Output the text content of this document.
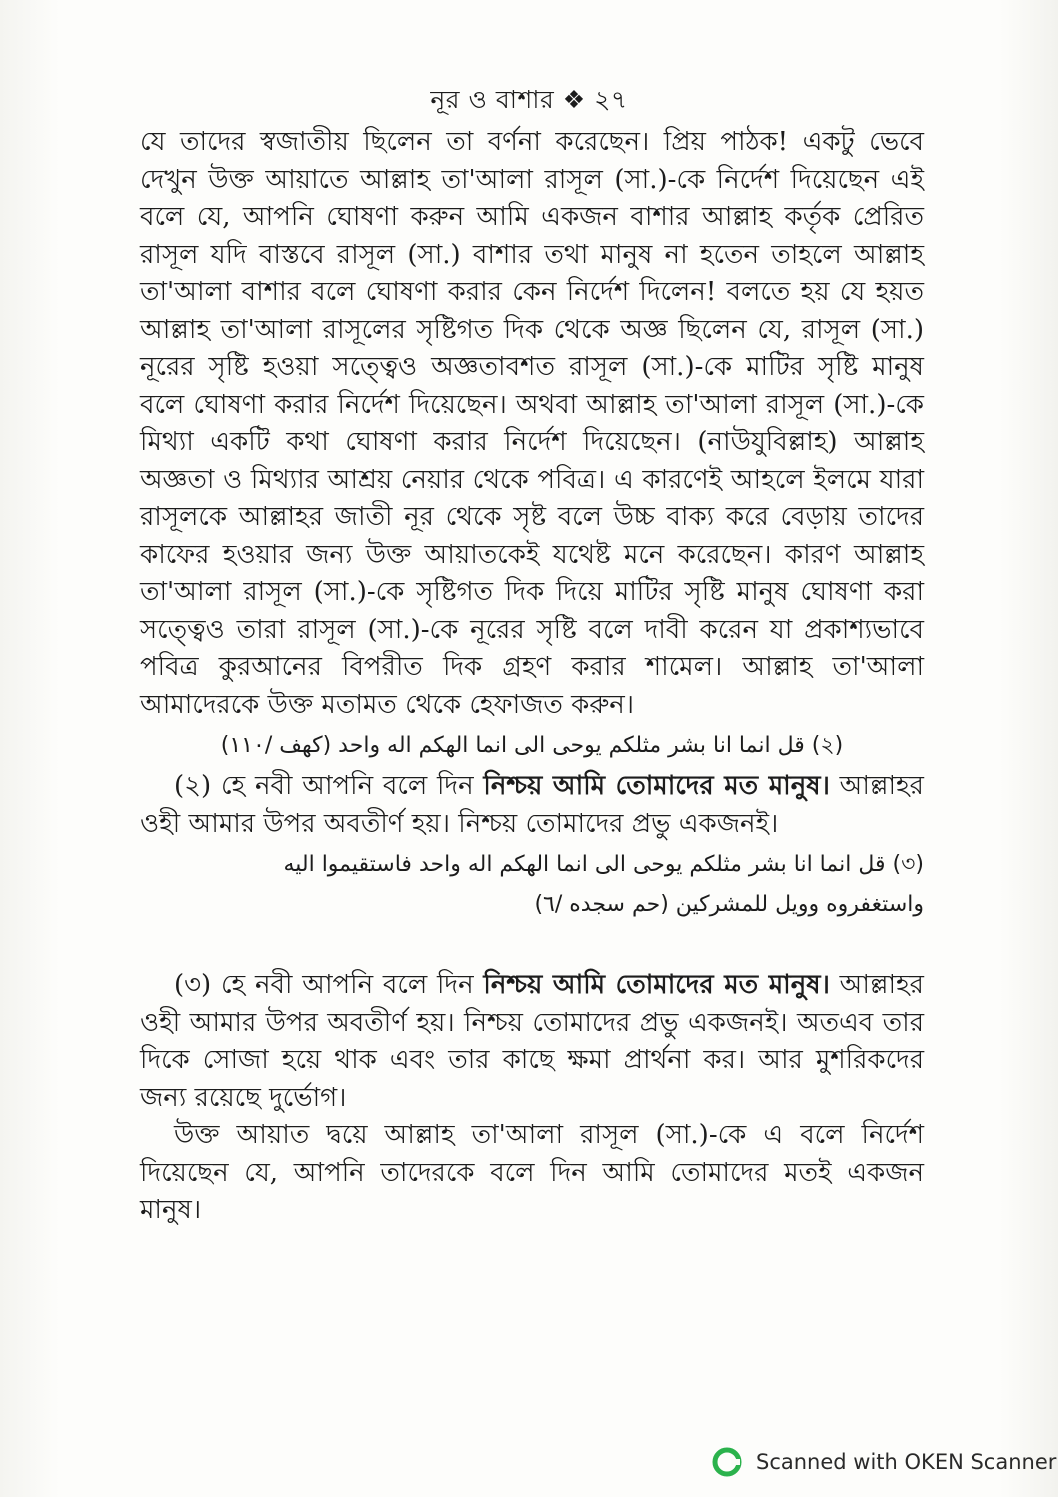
নূর ও বাশার ❖ ২৭

যে তাদের স্বজাতীয় ছিলেন তা বর্ণনা করেছেন। প্রিয় পাঠক! একটু ভেবে দেখুন উক্ত আয়াতে আল্লাহ তা'আলা রাসূল (সা.)-কে নির্দেশ দিয়েছেন এই বলে যে, আপনি ঘোষণা করুন আমি একজন বাশার আল্লাহ কর্তৃক প্রেরিত রাসূল যদি বাস্তবে রাসূল (সা.) বাশার তথা মানুষ না হতেন তাহলে আল্লাহ তা'আলা বাশার বলে ঘোষণা করার কেন নির্দেশ দিলেন! বলতে হয় যে হয়ত আল্লাহ তা'আলা রাসূলের সৃষ্টিগত দিক থেকে অজ্ঞ ছিলেন যে, রাসূল (সা.) নূরের সৃষ্টি হওয়া সত্ত্বেও অজ্ঞতাবশত রাসূল (সা.)-কে মাটির সৃষ্টি মানুষ বলে ঘোষণা করার নির্দেশ দিয়েছেন। অথবা আল্লাহ তা'আলা রাসূল (সা.)-কে মিথ্যা একটি কথা ঘোষণা করার নির্দেশ দিয়েছেন। (নাউযুবিল্লাহ) আল্লাহ অজ্ঞতা ও মিথ্যার আশ্রয় নেয়ার থেকে পবিত্র। এ কারণেই আহলে ইলমে যারা রাসূলকে আল্লাহর জাতী নূর থেকে সৃষ্ট বলে উচ্চ বাক্য করে বেড়ায় তাদের কাফের হওয়ার জন্য উক্ত আয়াতকেই যথেষ্ট মনে করেছেন। কারণ আল্লাহ তা'আলা রাসূল (সা.)-কে সৃষ্টিগত দিক দিয়ে মাটির সৃষ্টি মানুষ ঘোষণা করা সত্ত্বেও তারা রাসূল (সা.)-কে নূরের সৃষ্টি বলে দাবী করেন যা প্রকাশ্যভাবে পবিত্র কুরআনের বিপরীত দিক গ্রহণ করার শামেল। আল্লাহ তা'আলা আমাদেরকে উক্ত মতামত থেকে হেফাজত করুন।

(২) قل انما انا بشر مثلكم يوحى الى انما الهكم اله واحد (كهف /١١٠)

(২) হে নবী আপনি বলে দিন নিশ্চয় আমি তোমাদের মত মানুষ। আল্লাহর ওহী আমার উপর অবতীর্ণ হয়। নিশ্চয় তোমাদের প্রভু একজনই।

(৩) قل انما انا بشر مثلكم يوحى الى انما الهكم اله واحد فاستقيموا اليه

واستغفروه وويل للمشركين (حم سجده /٦)

(৩) হে নবী আপনি বলে দিন নিশ্চয় আমি তোমাদের মত মানুষ। আল্লাহর ওহী আমার উপর অবতীর্ণ হয়। নিশ্চয় তোমাদের প্রভু একজনই। অতএব তার দিকে সোজা হয়ে থাক এবং তার কাছে ক্ষমা প্রার্থনা কর। আর মুশরিকদের জন্য রয়েছে দুর্ভোগ।

উক্ত আয়াত দ্বয়ে আল্লাহ তা'আলা রাসূল (সা.)-কে এ বলে নির্দেশ দিয়েছেন যে, আপনি তাদেরকে বলে দিন আমি তোমাদের মতই একজন মানুষ।

Scanned with OKEN Scanner
